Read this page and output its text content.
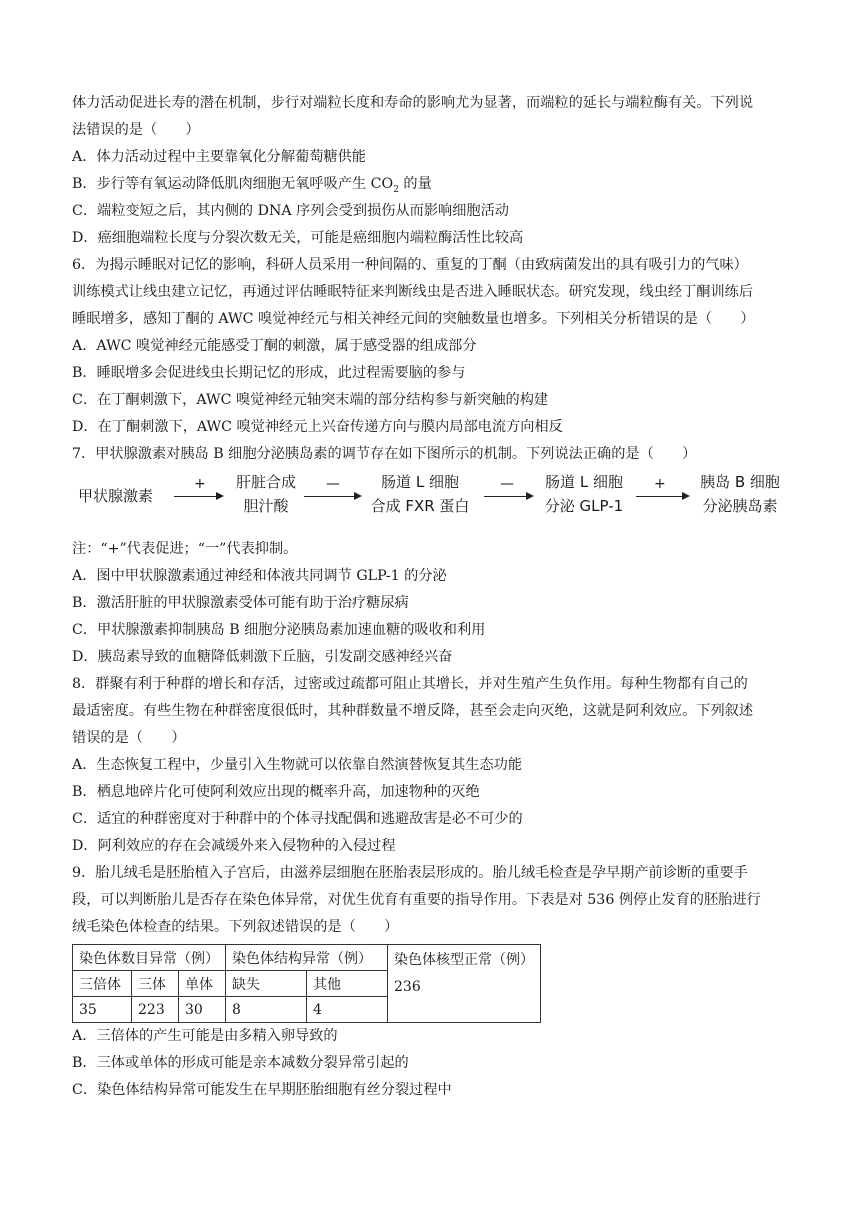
体力活动促进长寿的潜在机制，步行对端粒长度和寿命的影响尤为显著，而端粒的延长与端粒酶有关。下列说
法错误的是（　　）
A．体力活动过程中主要靠氧化分解葡萄糖供能
B．步行等有氧运动降低肌肉细胞无氧呼吸产生 $CO_2$ 的量
C．端粒变短之后，其内侧的 DNA 序列会受到损伤从而影响细胞活动
D．癌细胞端粒长度与分裂次数无关，可能是癌细胞内端粒酶活性比较高
6．为揭示睡眠对记忆的影响，科研人员采用一种间隔的、重复的丁酮（由致病菌发出的具有吸引力的气味）
训练模式让线虫建立记忆，再通过评估睡眠特征来判断线虫是否进入睡眠状态。研究发现，线虫经丁酮训练后
睡眠增多，感知丁酮的 AWC 嗅觉神经元与相关神经元间的突触数量也增多。下列相关分析错误的是（　　）
A．AWC 嗅觉神经元能感受丁酮的刺激，属于感受器的组成部分
B．睡眠增多会促进线虫长期记忆的形成，此过程需要脑的参与
C．在丁酮刺激下，AWC 嗅觉神经元轴突末端的部分结构参与新突触的构建
D．在丁酮刺激下，AWC 嗅觉神经元上兴奋传递方向与膜内局部电流方向相反
7．甲状腺激素对胰岛 B 细胞分泌胰岛素的调节存在如下图所示的机制。下列说法正确的是（　　）
甲状腺激素
+	肝脏合成
胆汁酸
—	肠道 L 细胞
合成 FXR 蛋白
—	肠道 L 细胞
分泌 GLP-1
+	胰岛 B 细胞
分泌胰岛素
注：“+”代表促进；“一”代表抑制。
A．图中甲状腺激素通过神经和体液共同调节 GLP-1 的分泌
B．激活肝脏的甲状腺激素受体可能有助于治疗糖尿病
C．甲状腺激素抑制胰岛 B 细胞分泌胰岛素加速血糖的吸收和利用
D．胰岛素导致的血糖降低刺激下丘脑，引发副交感神经兴奋
8．群聚有利于种群的增长和存活，过密或过疏都可阻止其增长，并对生殖产生负作用。每种生物都有自己的
最适密度。有些生物在种群密度很低时，其种群数量不增反降，甚至会走向灭绝，这就是阿利效应。下列叙述
错误的是（　　）
A．生态恢复工程中，少量引入生物就可以依靠自然演替恢复其生态功能
B．栖息地碎片化可使阿利效应出现的概率升高，加速物种的灭绝
C．适宜的种群密度对于种群中的个体寻找配偶和逃避敌害是必不可少的
D．阿利效应的存在会减缓外来入侵物种的入侵过程
9．胎儿绒毛是胚胎植入子宫后，由滋养层细胞在胚胎表层形成的。胎儿绒毛检查是孕早期产前诊断的重要手
段，可以判断胎儿是否存在染色体异常，对优生优育有重要的指导作用。下表是对 536 例停止发育的胚胎进行
绒毛染色体检查的结果。下列叙述错误的是（　　）
染色体数目异常（例）			染色体结构异常（例）		染色体核型正常（例）
236

三倍体	三体	单体	缺失	其他	
35	223	30	8	4	
A．三倍体的产生可能是由多精入卵导致的
B．三体或单体的形成可能是亲本减数分裂异常引起的
C．染色体结构异常可能发生在早期胚胎细胞有丝分裂过程中
